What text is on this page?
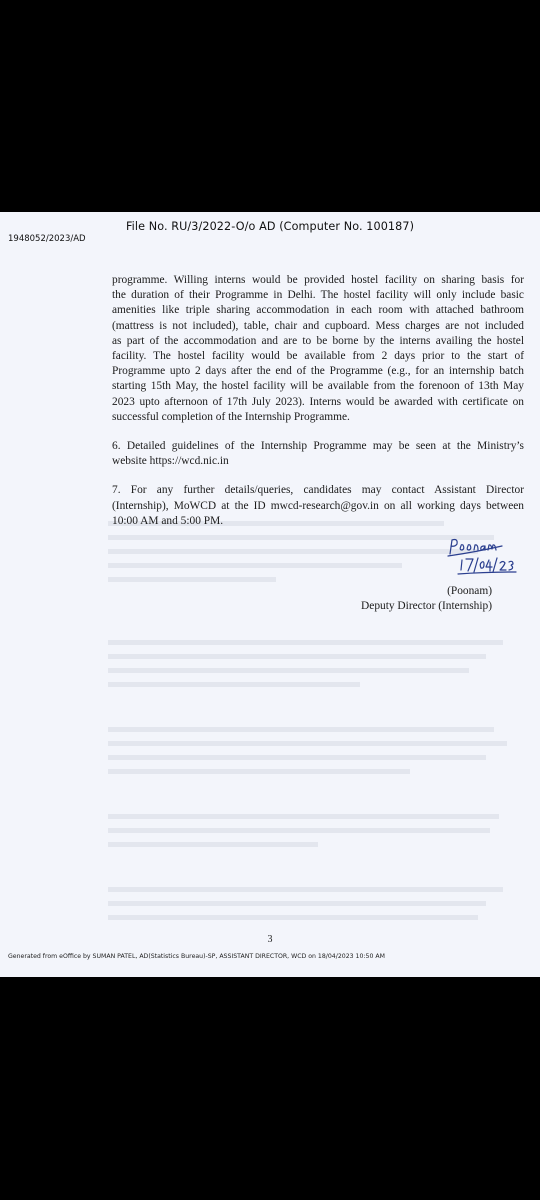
File No. RU/3/2022-O/o AD (Computer No. 100187)
1948052/2023/AD
programme. Willing interns would be provided hostel facility on sharing basis for
the duration of their Programme in Delhi. The hostel facility will only include basic
amenities like triple sharing accommodation in each room with attached bathroom
(mattress is not included), table, chair and cupboard. Mess charges are not included
as part of the accommodation and are to be borne by the interns availing the hostel
facility. The hostel facility would be available from 2 days prior to the start of
Programme upto 2 days after the end of the Programme (e.g., for an internship batch
starting 15th May, the hostel facility will be available from the forenoon of 13th May
2023 upto afternoon of 17th July 2023). Interns would be awarded with certificate on
successful completion of the Internship Programme.
6. Detailed guidelines of the Internship Programme may be seen at the Ministry’s
website https://wcd.nic.in
7. For any further details/queries, candidates may contact Assistant Director
(Internship), MoWCD at the ID mwcd-research@gov.in on all working days between
10:00 AM and 5:00 PM.
(Poonam)
Deputy Director (Internship)
3
Generated from eOffice by SUMAN PATEL, AD(Statistics Bureau)-SP, ASSISTANT DIRECTOR, WCD on 18/04/2023 10:50 AM
